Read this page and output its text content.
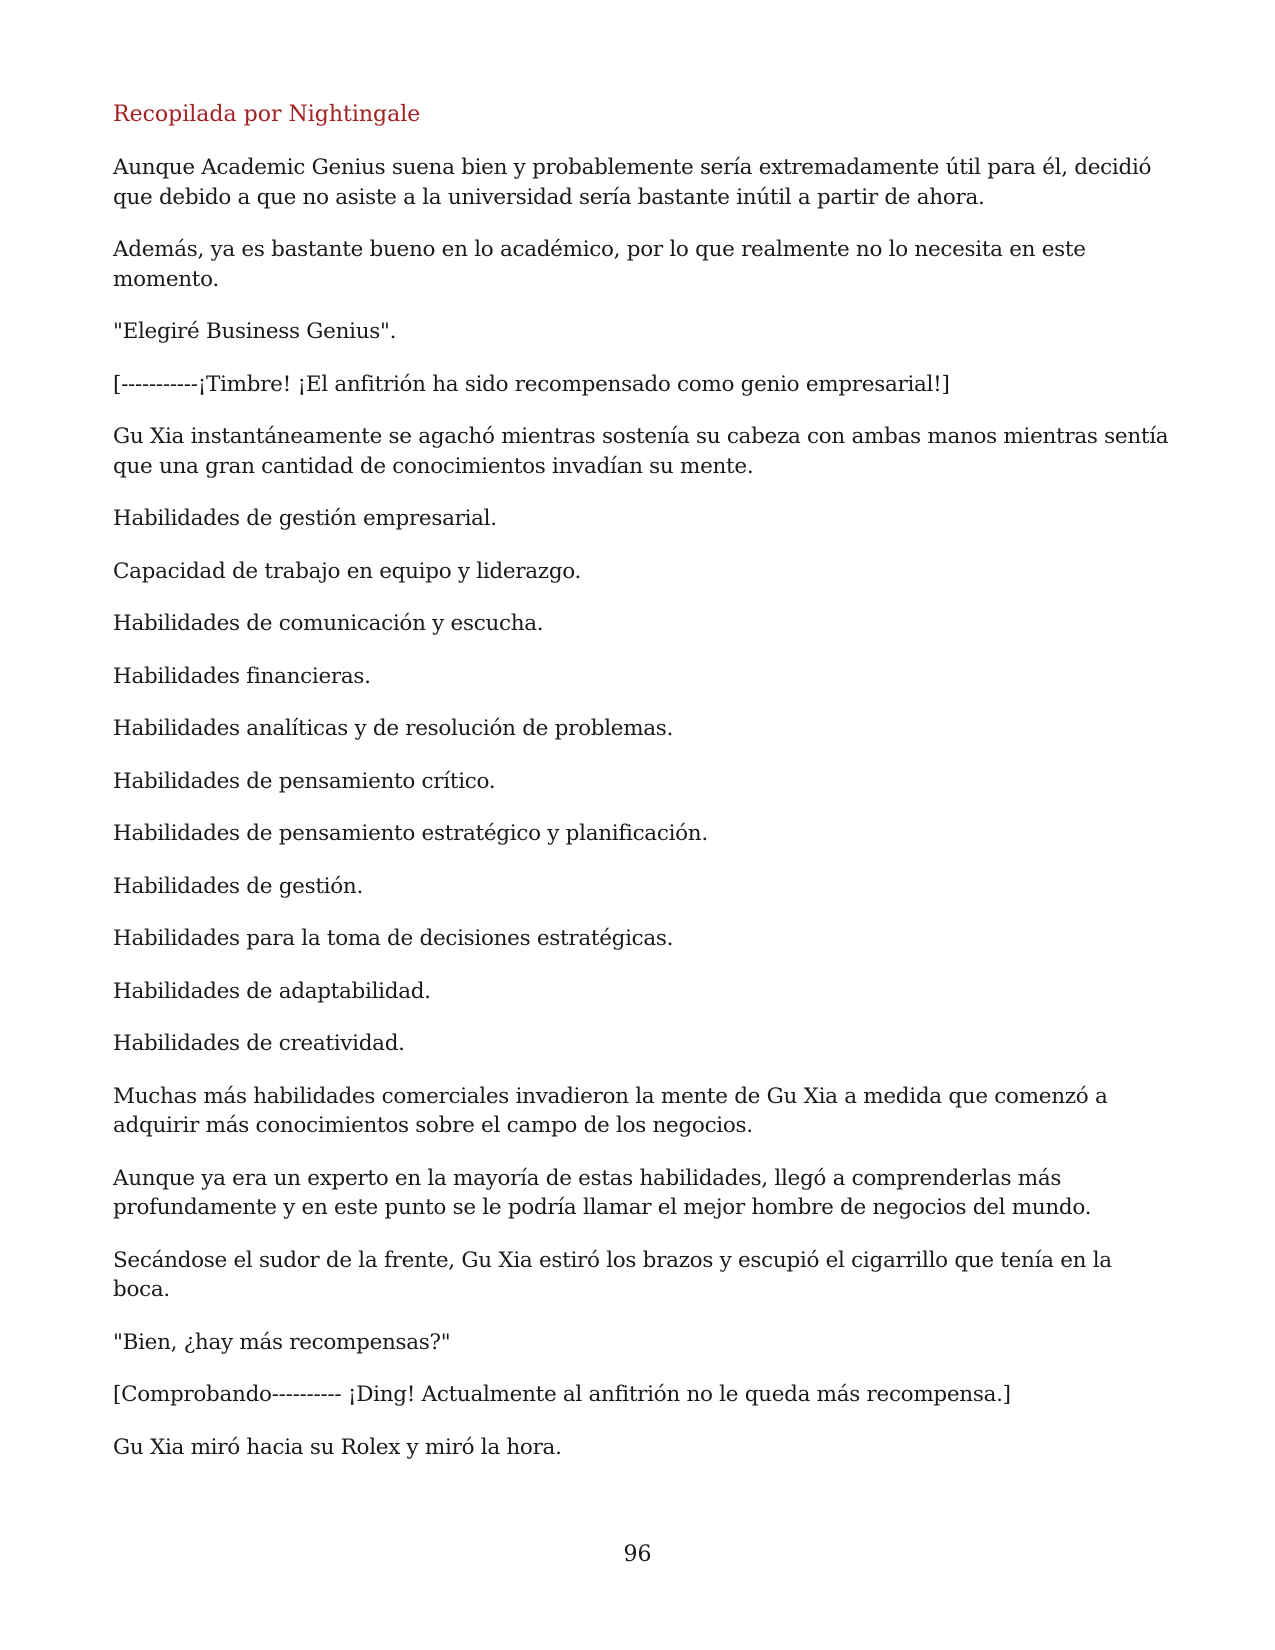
Recopilada por Nightingale

Aunque Academic Genius suena bien y probablemente sería extremadamente útil para él, decidió que debido a que no asiste a la universidad sería bastante inútil a partir de ahora.

Además, ya es bastante bueno en lo académico, por lo que realmente no lo necesita en este momento.

"Elegiré Business Genius".

[-----------¡Timbre! ¡El anfitrión ha sido recompensado como genio empresarial!]

Gu Xia instantáneamente se agachó mientras sostenía su cabeza con ambas manos mientras sentía que una gran cantidad de conocimientos invadían su mente.

Habilidades de gestión empresarial.

Capacidad de trabajo en equipo y liderazgo.

Habilidades de comunicación y escucha.

Habilidades financieras.

Habilidades analíticas y de resolución de problemas.

Habilidades de pensamiento crítico.

Habilidades de pensamiento estratégico y planificación.

Habilidades de gestión.

Habilidades para la toma de decisiones estratégicas.

Habilidades de adaptabilidad.

Habilidades de creatividad.

Muchas más habilidades comerciales invadieron la mente de Gu Xia a medida que comenzó a adquirir más conocimientos sobre el campo de los negocios.

Aunque ya era un experto en la mayoría de estas habilidades, llegó a comprenderlas más profundamente y en este punto se le podría llamar el mejor hombre de negocios del mundo.

Secándose el sudor de la frente, Gu Xia estiró los brazos y escupió el cigarrillo que tenía en la boca.

"Bien, ¿hay más recompensas?"

[Comprobando---------- ¡Ding! Actualmente al anfitrión no le queda más recompensa.]

Gu Xia miró hacia su Rolex y miró la hora.

96
